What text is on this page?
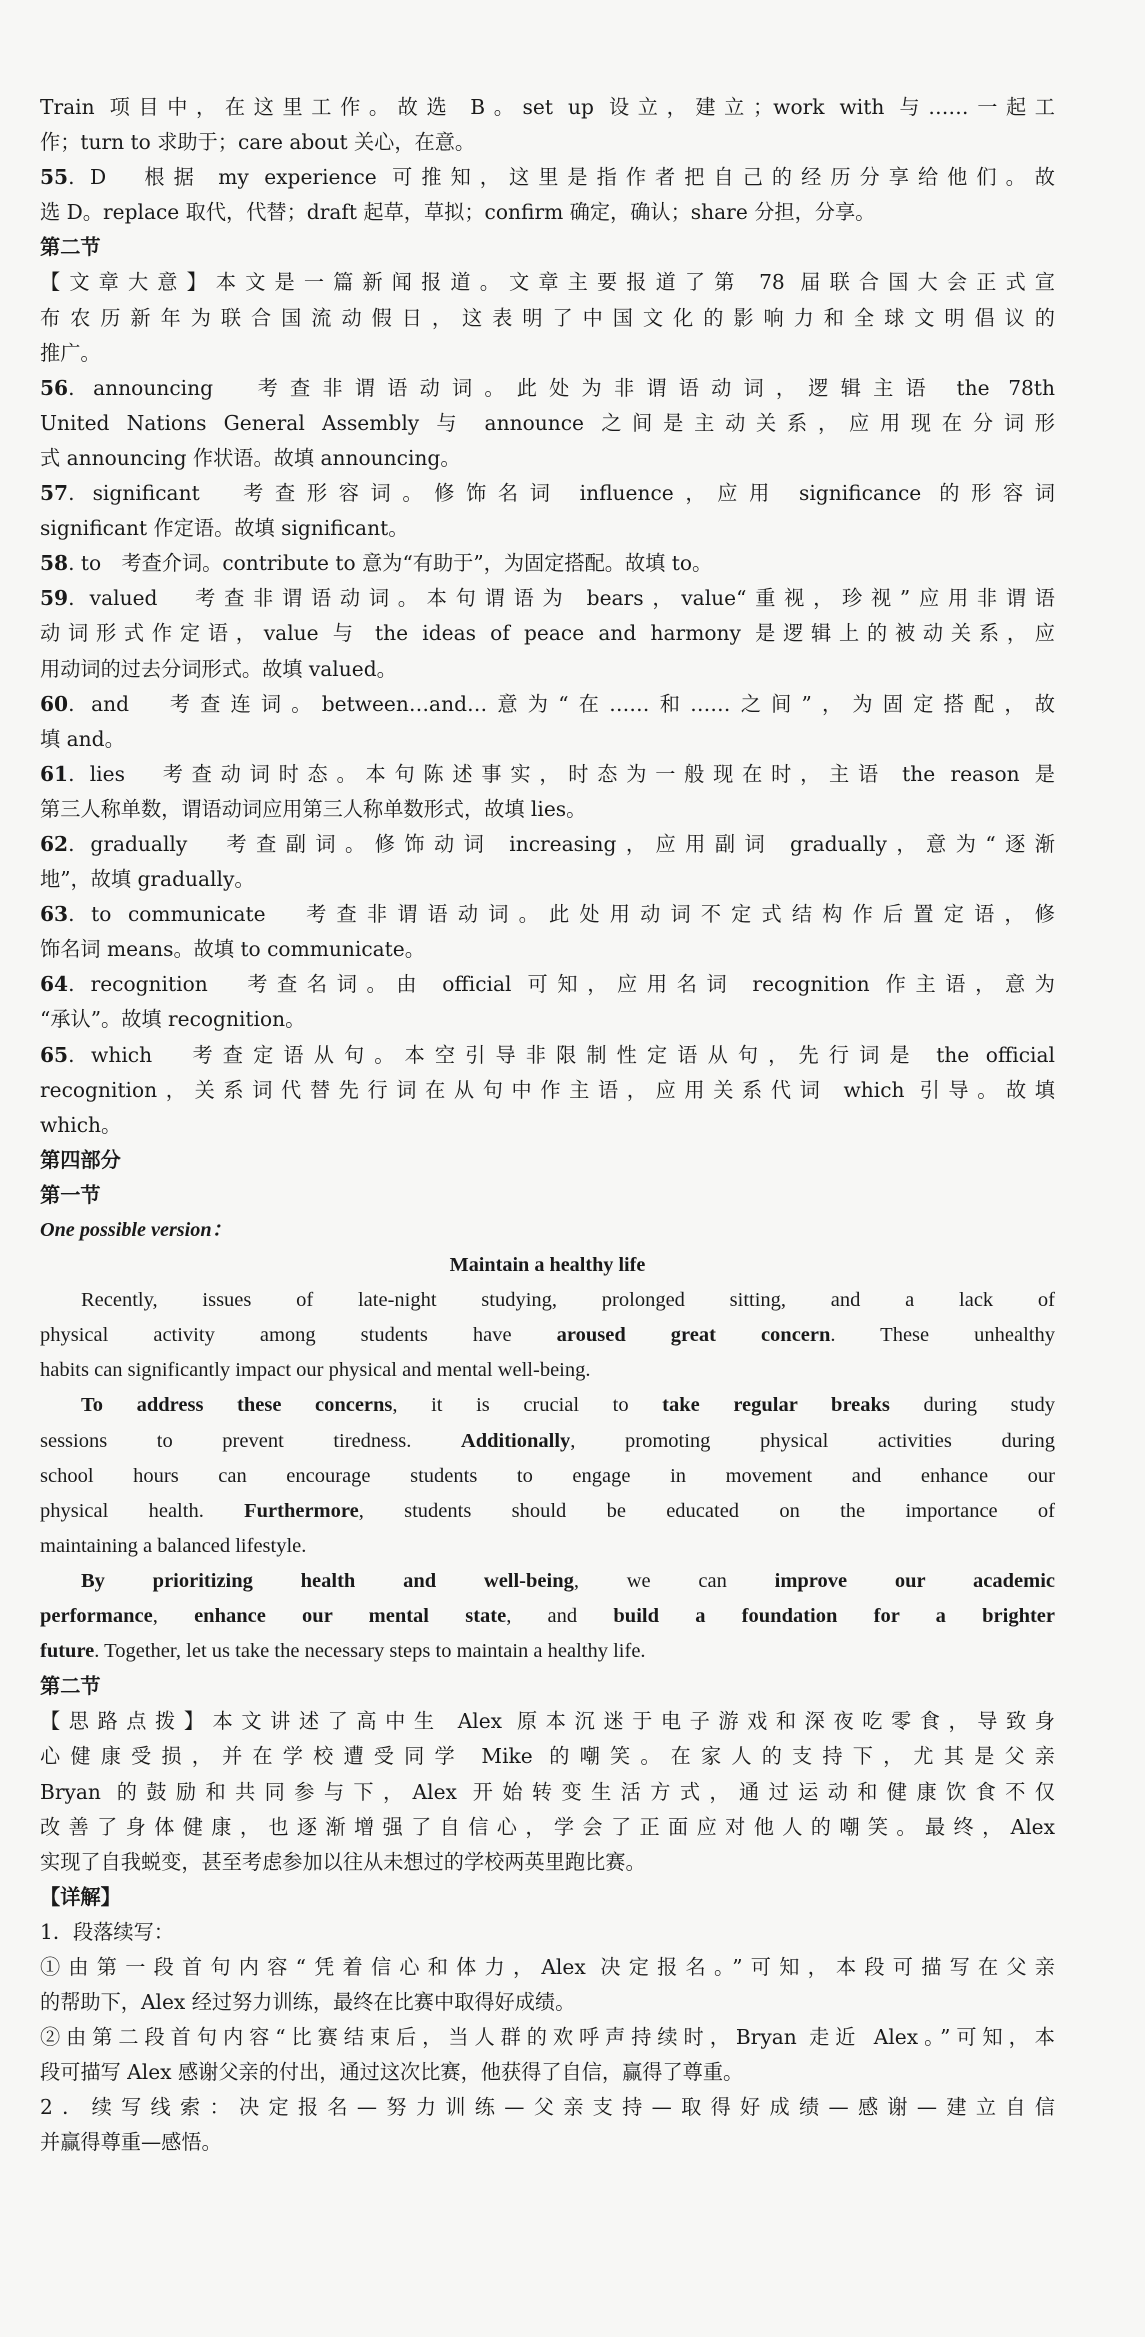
Train 项目中，在这里工作。故选 B。set up 设立，建立；work with 与……一起工
作；turn to 求助于；care about 关心，在意。
55. D　根据 my experience 可推知，这里是指作者把自己的经历分享给他们。故
选 D。replace 取代，代替；draft 起草，草拟；confirm 确定，确认；share 分担，分享。
第二节
【文章大意】本文是一篇新闻报道。文章主要报道了第 78 届联合国大会正式宣
布农历新年为联合国流动假日，这表明了中国文化的影响力和全球文明倡议的
推广。
56. announcing　考查非谓语动词。此处为非谓语动词，逻辑主语 the 78th
United Nations General Assembly 与 announce 之间是主动关系，应用现在分词形
式 announcing 作状语。故填 announcing。
57. significant　考查形容词。修饰名词 influence，应用 significance 的形容词
significant 作定语。故填 significant。
58. to　考查介词。contribute to 意为“有助于”，为固定搭配。故填 to。
59. valued　考查非谓语动词。本句谓语为 bears，value“重视，珍视”应用非谓语
动词形式作定语，value 与 the ideas of peace and harmony 是逻辑上的被动关系，应
用动词的过去分词形式。故填 valued。
60. and　考查连词。between…and…意为“在……和……之间”，为固定搭配，故
填 and。
61. lies　考查动词时态。本句陈述事实，时态为一般现在时，主语 the reason 是
第三人称单数，谓语动词应用第三人称单数形式，故填 lies。
62. gradually　考查副词。修饰动词 increasing，应用副词 gradually，意为“逐渐
地”，故填 gradually。
63. to communicate　考查非谓语动词。此处用动词不定式结构作后置定语，修
饰名词 means。故填 to communicate。
64. recognition　考查名词。由 official 可知，应用名词 recognition 作主语，意为
“承认”。故填 recognition。
65. which　考查定语从句。本空引导非限制性定语从句，先行词是 the official
recognition，关系词代替先行词在从句中作主语，应用关系代词 which 引导。故填
which。
第四部分
第一节
One possible version：
Maintain a healthy life
Recently, issues of late-night studying, prolonged sitting, and a lack of
physical activity among students have aroused great concern. These unhealthy
habits can significantly impact our physical and mental well-being.
To address these concerns, it is crucial to take regular breaks during study
sessions to prevent tiredness. Additionally, promoting physical activities during
school hours can encourage students to engage in movement and enhance our
physical health. Furthermore, students should be educated on the importance of
maintaining a balanced lifestyle.
By prioritizing health and well-being, we can improve our academic
performance, enhance our mental state, and build a foundation for a brighter
future. Together, let us take the necessary steps to maintain a healthy life.
第二节
【思路点拨】本文讲述了高中生 Alex 原本沉迷于电子游戏和深夜吃零食，导致身
心健康受损，并在学校遭受同学 Mike 的嘲笑。在家人的支持下，尤其是父亲
Bryan 的鼓励和共同参与下，Alex 开始转变生活方式，通过运动和健康饮食不仅
改善了身体健康，也逐渐增强了自信心，学会了正面应对他人的嘲笑。最终，Alex
实现了自我蜕变，甚至考虑参加以往从未想过的学校两英里跑比赛。
【详解】
1．段落续写：
①由第一段首句内容“凭着信心和体力，Alex 决定报名。”可知，本段可描写在父亲
的帮助下，Alex 经过努力训练，最终在比赛中取得好成绩。
②由第二段首句内容“比赛结束后，当人群的欢呼声持续时，Bryan 走近 Alex。”可知，本
段可描写 Alex 感谢父亲的付出，通过这次比赛，他获得了自信，赢得了尊重。
2．续写线索：决定报名—努力训练—父亲支持—取得好成绩—感谢—建立自信
并赢得尊重—感悟。
